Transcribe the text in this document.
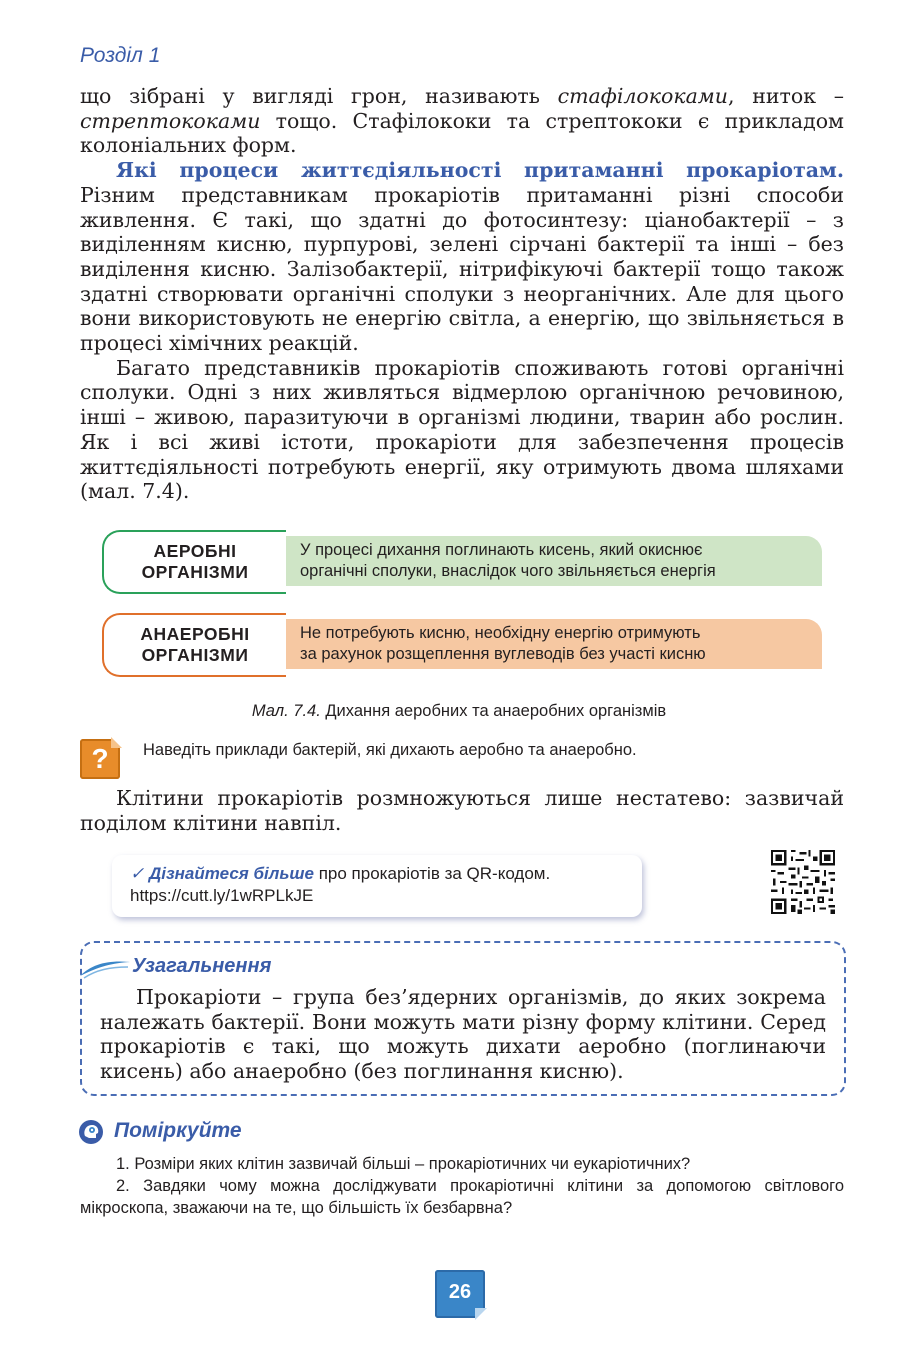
Розділ 1

що зібрані у вигляді грон, називають стафілококами, ниток – стрептококами тощо. Стафілококи та стрептококи є прикладом колоніальних форм.

Які процеси життєдіяльності притаманні прокаріотам. Різним представникам прокаріотів притаманні різні способи живлення. Є такі, що здатні до фотосинтезу: ціанобактерії – з виділенням кисню, пурпурові, зелені сірчані бактерії та інші – без виділення кисню. Залізобактерії, нітрифікуючі бактерії тощо також здатні створювати органічні сполуки з неорганічних. Але для цього вони використовують не енергію світла, а енергію, що звільняється в процесі хімічних реакцій.

Багато представників прокаріотів споживають готові органічні сполуки. Одні з них живляться відмерлою органічною речовиною, інші – живою, паразитуючи в організмі людини, тварин або рослин. Як і всі живі істоти, прокаріоти для забезпечення процесів життєдіяльності потребують енергії, яку отримують двома шляхами (мал. 7.4).

АЕРОБНІ
ОРГАНІЗМИ
У процесі дихання поглинають кисень, який окиснює
органічні сполуки, внаслідок чого звільняється енергія
АНАЕРОБНІ
ОРГАНІЗМИ
Не потребують кисню, необхідну енергію отримують
за рахунок розщеплення вуглеводів без участі кисню
Мал. 7.4. Дихання аеробних та анаеробних організмів
?	Наведіть приклади бактерій, які дихають аеробно та анаеробно.

Клітини прокаріотів розмножуються лише нестатево: зазвичай поділом клітини навпіл.

✓ Дізнайтеся більше про прокаріотів за QR-кодом.
https://cutt.ly/1wRPLkJE
Узагальнення

Прокаріоти – група без’ядерних організмів, до яких зокрема належать бактерії. Вони можуть мати різну форму клітини. Серед прокаріотів є такі, що можуть дихати аеробно (поглинаючи кисень) або анаеробно (без поглинання кисню).

Поміркуйте

1. Розміри яких клітин зазвичай більші – прокаріотичних чи еукаріотичних?

2. Завдяки чому можна досліджувати прокаріотичні клітини за допомогою світлового мікроскопа, зважаючи на те, що більшість їх безбарвна?

26
